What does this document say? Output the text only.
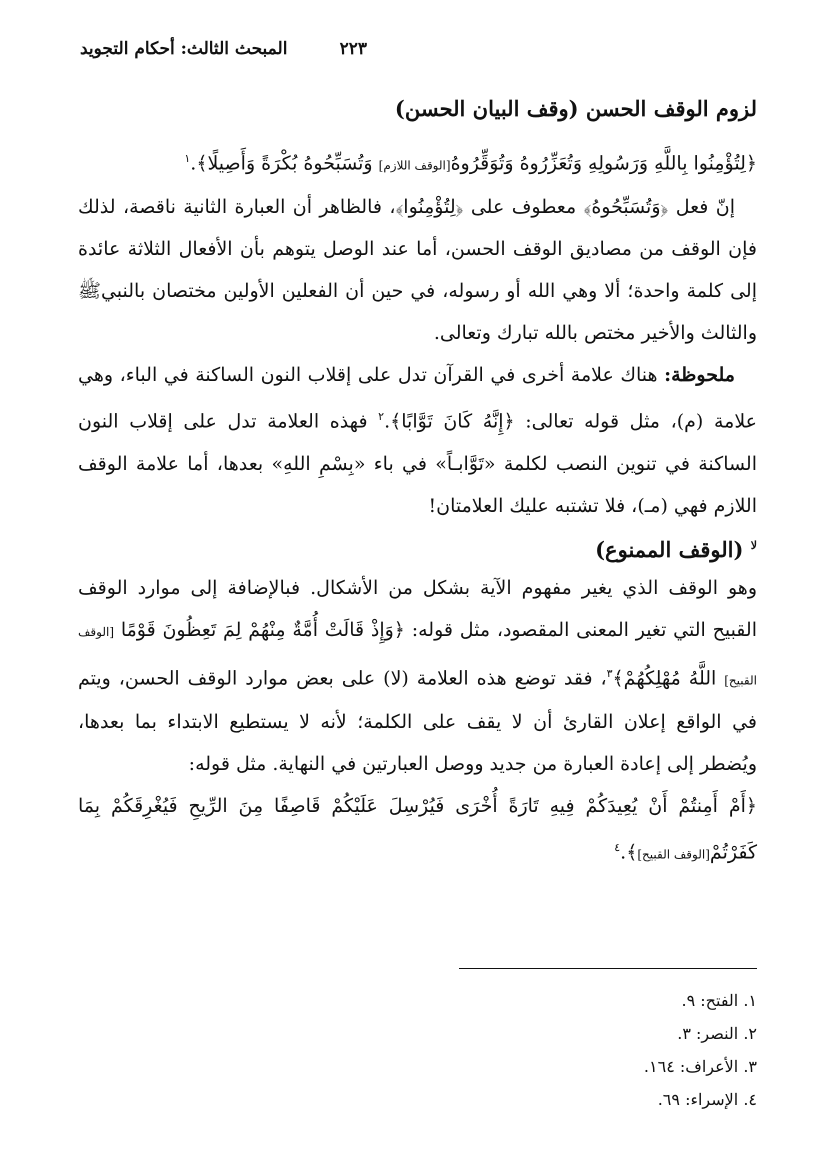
٢٢٣
المبحث الثالث: أحكام التجويد
لزوم الوقف الحسن (وقف البيان الحسن)

﴿لِتُؤْمِنُوا بِاللَّهِ وَرَسُولِهِ وَتُعَزِّرُوهُ وَتُوَقِّرُوهُ[الوقف اللازم] وَتُسَبِّحُوهُ بُكْرَةً وَأَصِيلًا﴾.$^١$

إنّ فعل ﴿وَتُسَبِّحُوهُ﴾ معطوف على ﴿لِتُؤْمِنُوا﴾، فالظاهر أن العبارة الثانية ناقصة، لذلك فإن الوقف من مصاديق الوقف الحسن، أما عند الوصل يتوهم بأن الأفعال الثلاثة عائدة إلى كلمة واحدة؛ ألا وهي الله أو رسوله، في حين أن الفعلين الأولين مختصان بالنبيﷺ والثالث والأخير مختص بالله تبارك وتعالى.

ملحوظة: هناك علامة أخرى في القرآن تدل على إقلاب النون الساكنة في الباء، وهي علامة (م)، مثل قوله تعالى: ﴿إِنَّهُ كَانَ تَوَّابًا﴾.$^٢$ فهذه العلامة تدل على إقلاب النون الساكنة في تنوين النصب لكلمة «تَوَّابـاً» في باء «بِسْمِ اللهِ» بعدها، أما علامة الوقف اللازم فهي (مـ)، فلا تشتبه عليك العلامتان!

$^{لا}$ (الوقف الممنوع)

وهو الوقف الذي يغير مفهوم الآية بشكل من الأشكال. فبالإضافة إلى موارد الوقف القبيح التي تغير المعنى المقصود، مثل قوله: ﴿وَإِذْ قَالَتْ أُمَّةٌ مِنْهُمْ لِمَ تَعِظُونَ قَوْمًا [الوقف القبيح] اللَّهُ مُهْلِكُهُمْ﴾$^٣$، فقد توضع هذه العلامة (لا) على بعض موارد الوقف الحسن، ويتم في الواقع إعلان القارئ أن لا يقف على الكلمة؛ لأنه لا يستطيع الابتداء بما بعدها، ويُضطر إلى إعادة العبارة من جديد ووصل العبارتين في النهاية. مثل قوله:

﴿أَمْ أَمِنتُمْ أَنْ يُعِيدَكُمْ فِيهِ تَارَةً أُخْرَى فَيُرْسِلَ عَلَيْكُمْ قَاصِفًا مِنَ الرِّيحِ فَيُغْرِقَكُمْ بِمَا كَفَرْتُمْ[الوقف القبيح]﴾.$^٤$

١. الفتح: ٩.
٢. النصر: ٣.
٣. الأعراف: ١٦٤.
٤. الإسراء: ٦٩.
